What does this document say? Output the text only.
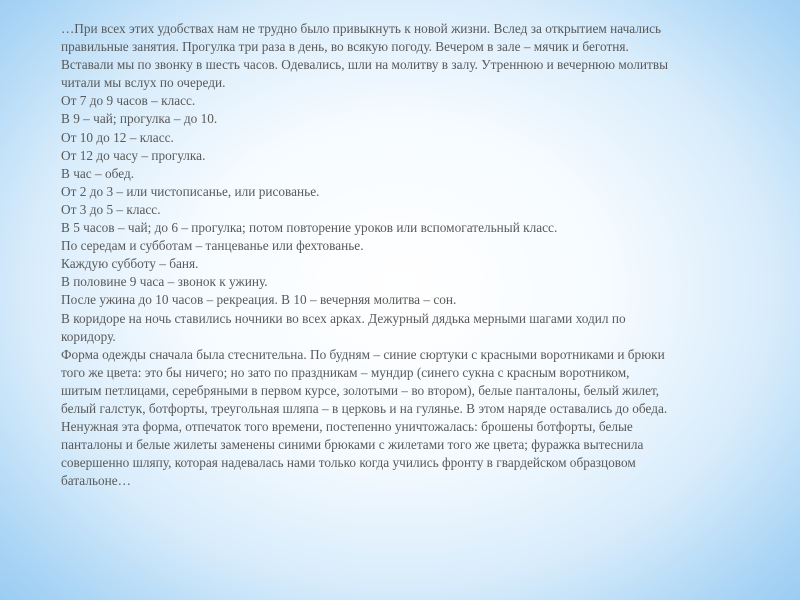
…При всех этих удобствах нам не трудно было привыкнуть к новой жизни. Вслед за открытием начались
правильные занятия. Прогулка три раза в день, во всякую погоду. Вечером в зале – мячик и беготня.
Вставали мы по звонку в шесть часов. Одевались, шли на молитву в залу. Утреннюю и вечернюю молитвы
читали мы вслух по очереди.
От 7 до 9 часов – класс.
В 9 – чай; прогулка – до 10.
От 10 до 12 – класс.
От 12 до часу – прогулка.
В час – обед.
От 2 до 3 – или чистописанье, или рисованье.
От 3 до 5 – класс.
В 5 часов – чай; до 6 – прогулка; потом повторение уроков или вспомогательный класс.
По середам и субботам – танцеванье или фехтованье.
Каждую субботу – баня.
В половине 9 часа – звонок к ужину.
После ужина до 10 часов – рекреация. В 10 – вечерняя молитва – сон.
В коридоре на ночь ставились ночники во всех арках. Дежурный дядька мерными шагами ходил по
коридору.
Форма одежды сначала была стеснительна. По будням – синие сюртуки с красными воротниками и брюки
того же цвета: это бы ничего; но зато по праздникам – мундир (синего сукна с красным воротником,
шитым петлицами, серебряными в первом курсе, золотыми – во втором), белые панталоны, белый жилет,
белый галстук, ботфорты, треугольная шляпа – в церковь и на гулянье. В этом наряде оставались до обеда.
Ненужная эта форма, отпечаток того времени, постепенно уничтожалась: брошены ботфорты, белые
панталоны и белые жилеты заменены синими брюками с жилетами того же цвета; фуражка вытеснила
совершенно шляпу, которая надевалась нами только когда учились фронту в гвардейском образцовом
батальоне…
